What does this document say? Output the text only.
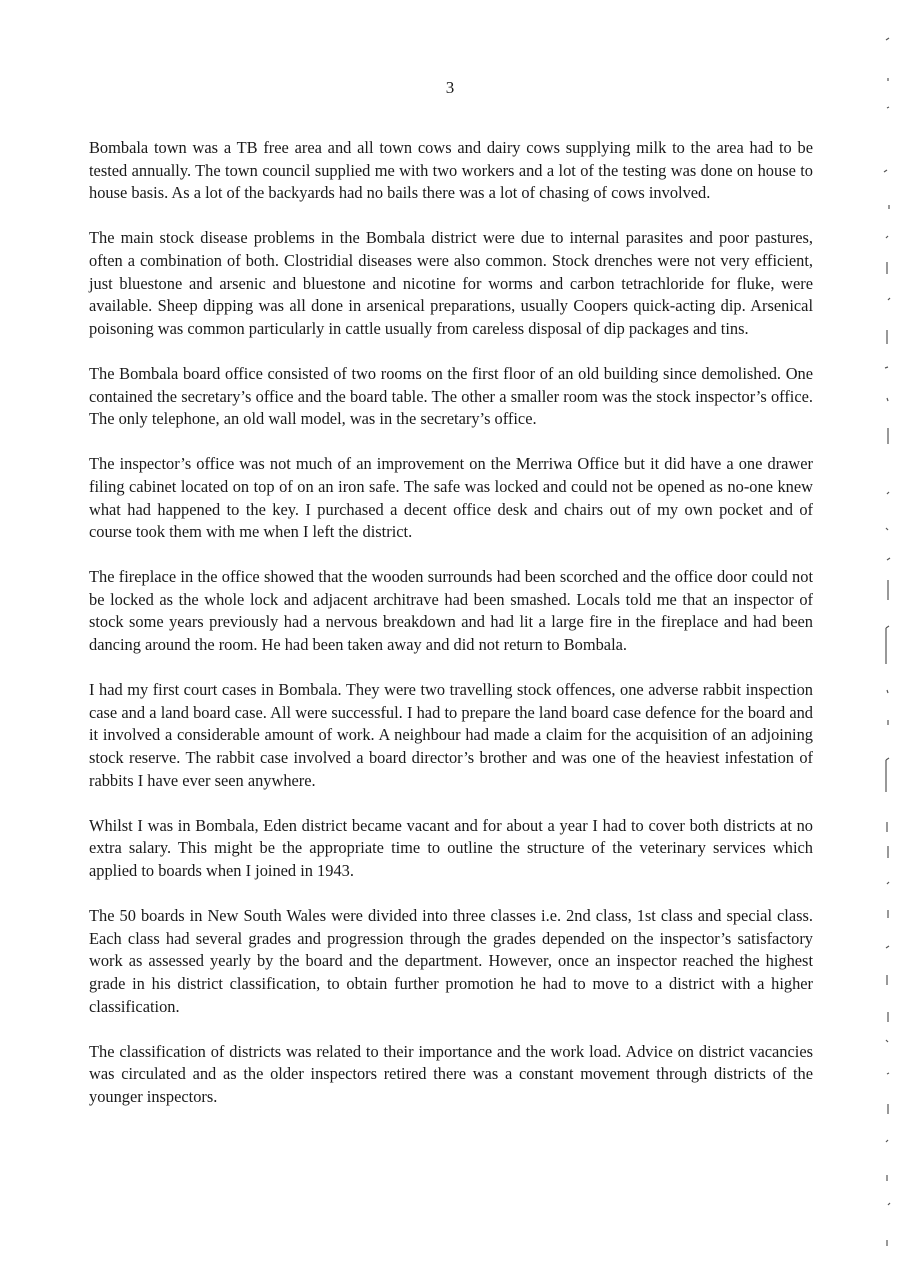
3

Bombala town was a TB free area and all town cows and dairy cows supplying milk to the area had to be tested annually. The town council supplied me with two workers and a lot of the testing was done on house to house basis. As a lot of the backyards had no bails there was a lot of chasing of cows involved.

The main stock disease problems in the Bombala district were due to internal parasites and poor pastures, often a combination of both. Clostridial diseases were also common. Stock drenches were not very efficient, just bluestone and arsenic and bluestone and nicotine for worms and carbon tetrachloride for fluke, were available. Sheep dipping was all done in arsenical preparations, usually Coopers quick-acting dip. Arsenical poisoning was common particularly in cattle usually from careless disposal of dip packages and tins.

The Bombala board office consisted of two rooms on the first floor of an old building since demolished. One contained the secretary’s office and the board table. The other a smaller room was the stock inspector’s office. The only telephone, an old wall model, was in the secretary’s office.

The inspector’s office was not much of an improvement on the Merriwa Office but it did have a one drawer filing cabinet located on top of on an iron safe. The safe was locked and could not be opened as no-one knew what had happened to the key. I purchased a decent office desk and chairs out of my own pocket and of course took them with me when I left the district.

The fireplace in the office showed that the wooden surrounds had been scorched and the office door could not be locked as the whole lock and adjacent architrave had been smashed. Locals told me that an inspector of stock some years previously had a nervous breakdown and had lit a large fire in the fireplace and had been dancing around the room. He had been taken away and did not return to Bombala.

I had my first court cases in Bombala. They were two travelling stock offences, one adverse rabbit inspection case and a land board case. All were successful. I had to prepare the land board case defence for the board and it involved a considerable amount of work. A neighbour had made a claim for the acquisition of an adjoining stock reserve. The rabbit case involved a board director’s brother and was one of the heaviest infestation of rabbits I have ever seen anywhere.

Whilst I was in Bombala, Eden district became vacant and for about a year I had to cover both districts at no extra salary. This might be the appropriate time to outline the structure of the veterinary services which applied to boards when I joined in 1943.

The 50 boards in New South Wales were divided into three classes i.e. 2nd class, 1st class and special class. Each class had several grades and progression through the grades depended on the inspector’s satisfactory work as assessed yearly by the board and the department. However, once an inspector reached the highest grade in his district classification, to obtain further promotion he had to move to a district with a higher classification.

The classification of districts was related to their importance and the work load. Advice on district vacancies was circulated and as the older inspectors retired there was a constant movement through districts of the younger inspectors.
